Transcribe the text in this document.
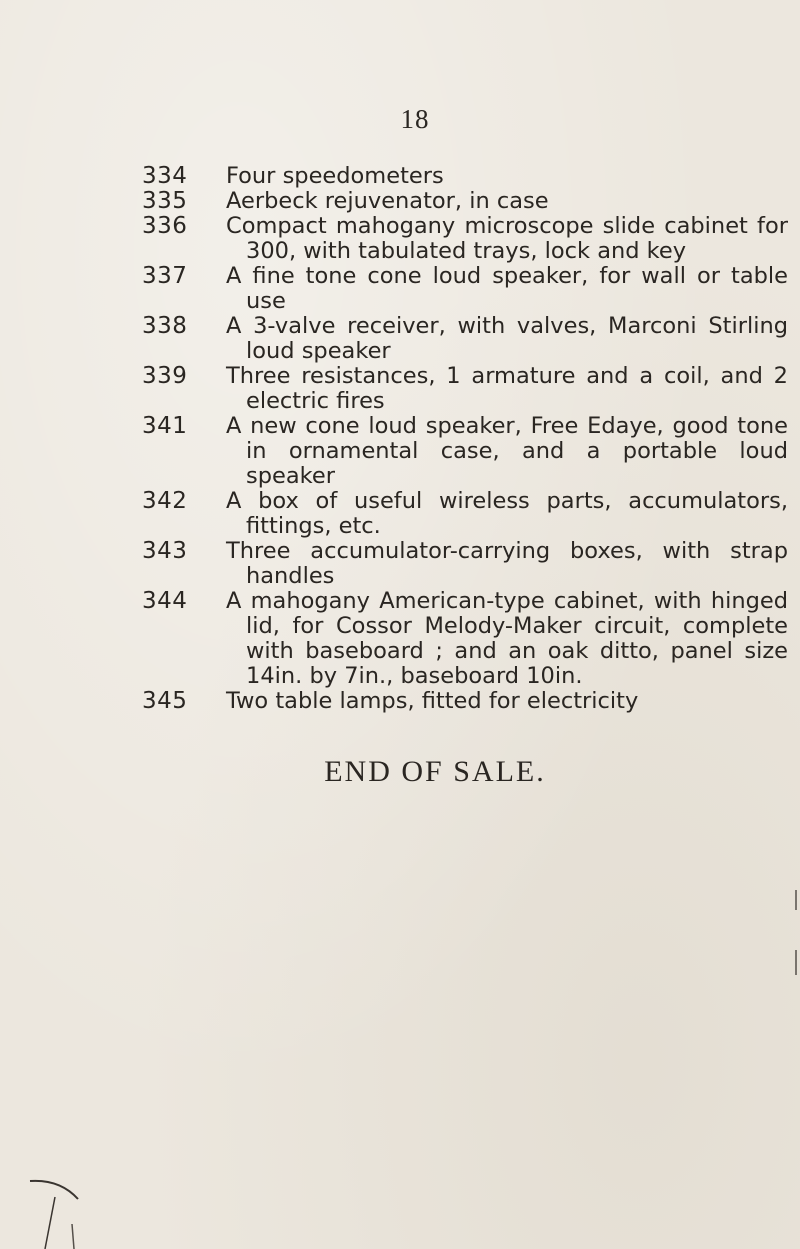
18
334	Four speedometers
335	Aerbeck rejuvenator, in case
336	Compact mahogany microscope slide cabinet for 300, with tabulated trays, lock and key
337	A fine tone cone loud speaker, for wall or table use
338	A 3-valve receiver, with valves, Marconi Stirling loud speaker
339	Three resistances, 1 armature and a coil, and 2 electric fires
341	A new cone loud speaker, Free Edaye, good tone in ornamental case, and a portable loud speaker
342	A box of useful wireless parts, accumulators, fittings, etc.
343	Three accumulator-carrying boxes, with strap handles
344	A mahogany American-type cabinet, with hinged lid, for Cossor Melody-Maker circuit, complete with baseboard ; and an oak ditto, panel size 14in. by 7in., baseboard 10in.
345	Two table lamps, fitted for electricity
END OF SALE.
